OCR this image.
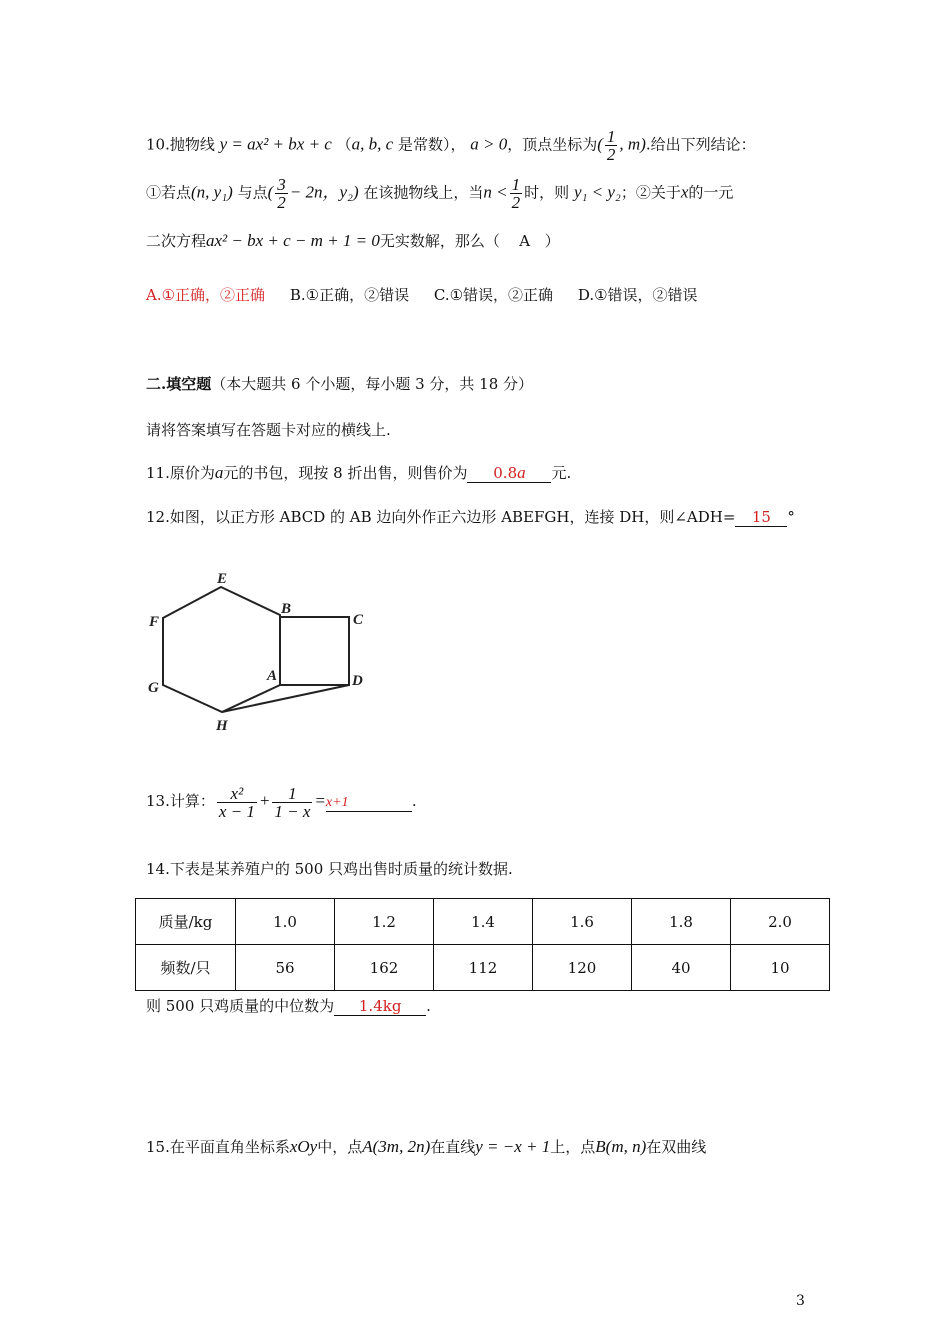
10.抛物线 y = ax² + bx + c （a, b, c 是常数）， a > 0，顶点坐标为( $\frac{1}{2}$ , m).给出下列结论：
①若点(n, y₁) 与点( $\frac{3}{2} - 2n$，y₂) 在该抛物线上，当$n < \frac{1}{2}$ 时，则 y₁ < y₂；②关于x的一元
二次方程ax² − bx + c − m + 1 = 0无实数解，那么（ A ）
A.①正确，②正确 B.①正确，②错误 C.①错误，②正确 D.①错误，②错误
二.填空题（本大题共 6 个小题，每小题 3 分，共 18 分）
请将答案填写在答题卡对应的横线上.
11.原价为a元的书包，现按 8 折出售，则售价为 0.8a 元.
12.如图，以正方形 ABCD 的 AB 边向外作正六边形 ABEFGH，连接 DH，则∠ADH= 15 °
E
B
C
F
A	D
G
H
13.计算： $\frac{\text{x²}}{x - 1} + \frac{1}{1 - x} =x+1$	.
14.下表是某养殖户的 500 只鸡出售时质量的统计数据.
质量/kg	1.0	1.2	1.4	1.6	1.8	2.0
频数/只	56	162	112	120	40	10
则 500 只鸡质量的中位数为 1.4kg .
15.在平面直角坐标系xOy中，点A(3m, 2n)在直线y = −x + 1上，点B(m, n)在双曲线
3
